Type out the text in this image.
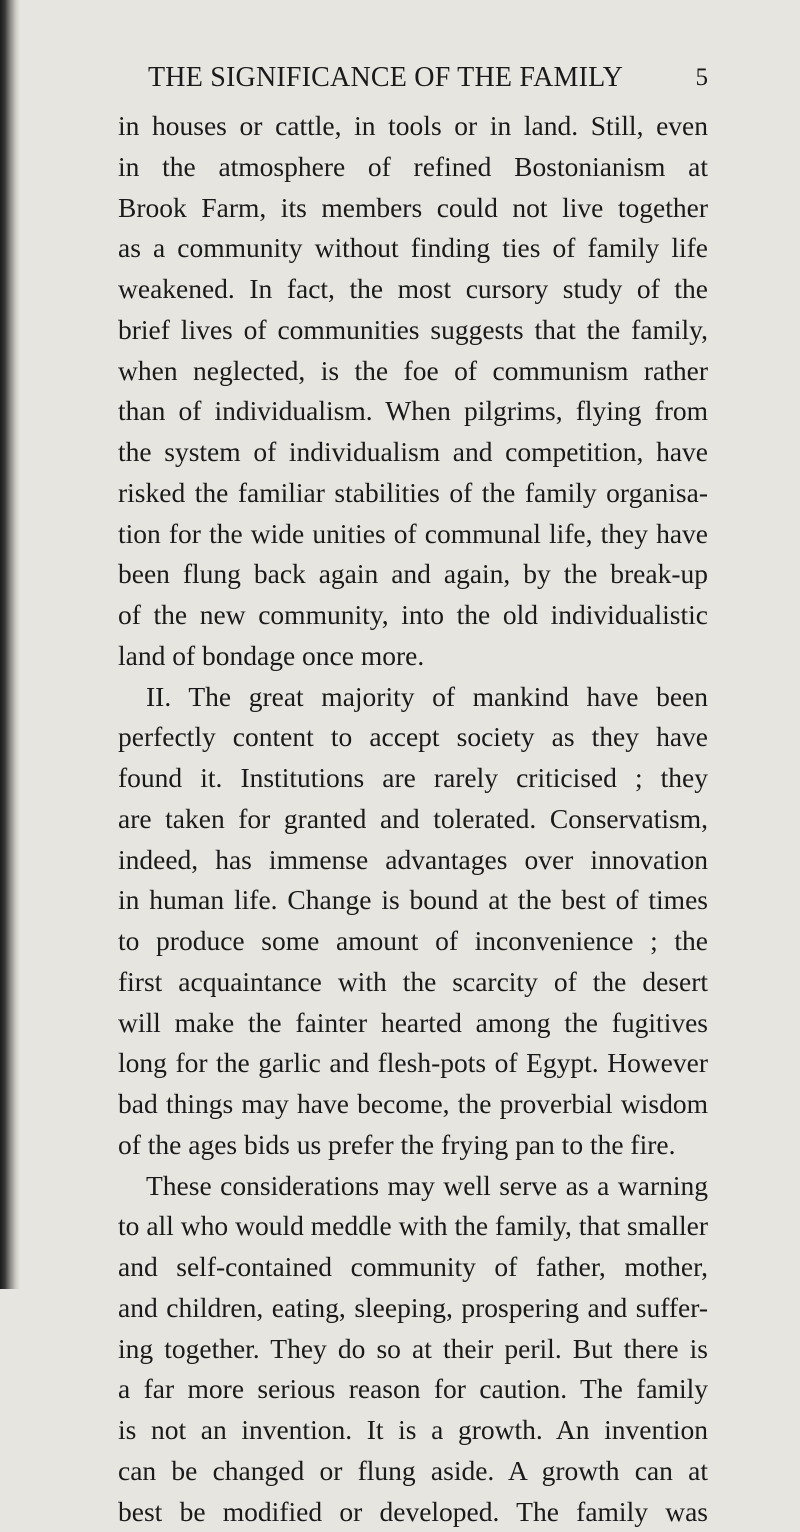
THE SIGNIFICANCE OF THE FAMILY	5
in houses or cattle, in tools or in land. Still, even
in the atmosphere of refined Bostonianism at
Brook Farm, its members could not live together
as a community without finding ties of family life
weakened. In fact, the most cursory study of the
brief lives of communities suggests that the family,
when neglected, is the foe of communism rather
than of individualism. When pilgrims, flying from
the system of individualism and competition, have
risked the familiar stabilities of the family organisa-
tion for the wide unities of communal life, they have
been flung back again and again, by the break-up
of the new community, into the old individualistic
land of bondage once more.
II. The great majority of mankind have been
perfectly content to accept society as they have
found it. Institutions are rarely criticised ; they
are taken for granted and tolerated. Conservatism,
indeed, has immense advantages over innovation
in human life. Change is bound at the best of times
to produce some amount of inconvenience ; the
first acquaintance with the scarcity of the desert
will make the fainter hearted among the fugitives
long for the garlic and flesh-pots of Egypt. However
bad things may have become, the proverbial wisdom
of the ages bids us prefer the frying pan to the fire.
These considerations may well serve as a warning
to all who would meddle with the family, that smaller
and self-contained community of father, mother,
and children, eating, sleeping, prospering and suffer-
ing together. They do so at their peril. But there is
a far more serious reason for caution. The family
is not an invention. It is a growth. An invention
can be changed or flung aside. A growth can at
best be modified or developed. The family was
